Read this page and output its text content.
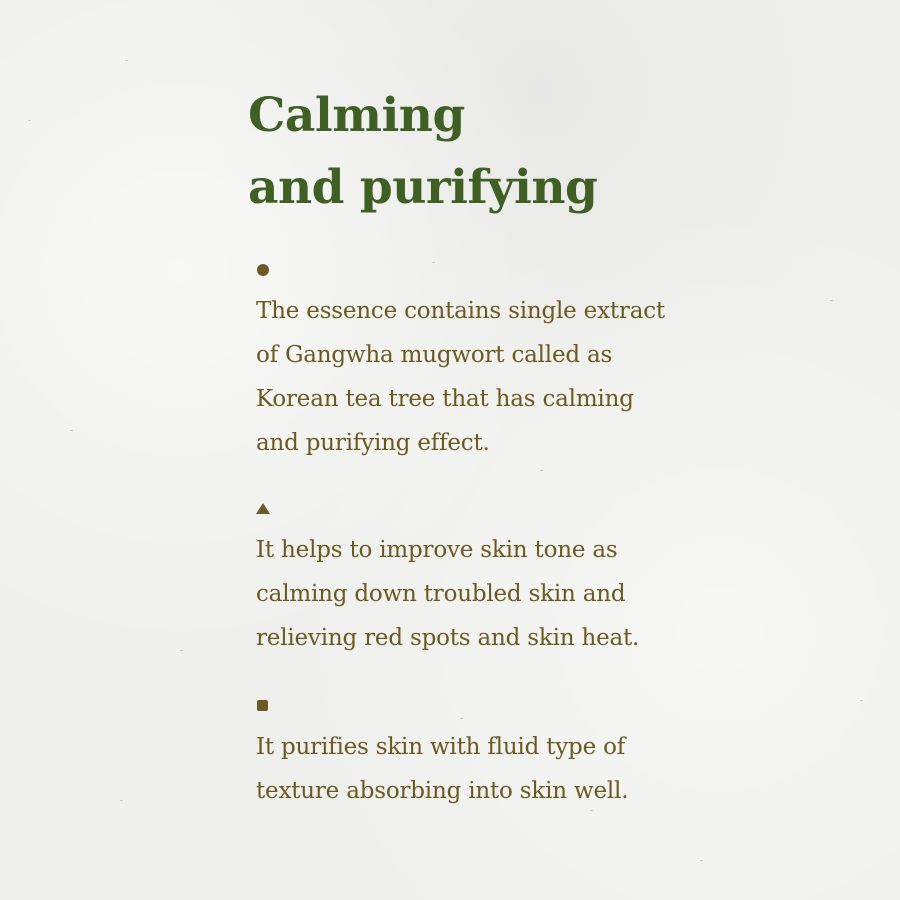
Calming
and purifying

The essence contains single extract
of Gangwha mugwort called as
Korean tea tree that has calming
and purifying effect.

It helps to improve skin tone as
calming down troubled skin and
relieving red spots and skin heat.

It purifies skin with fluid type of
texture absorbing into skin well.
